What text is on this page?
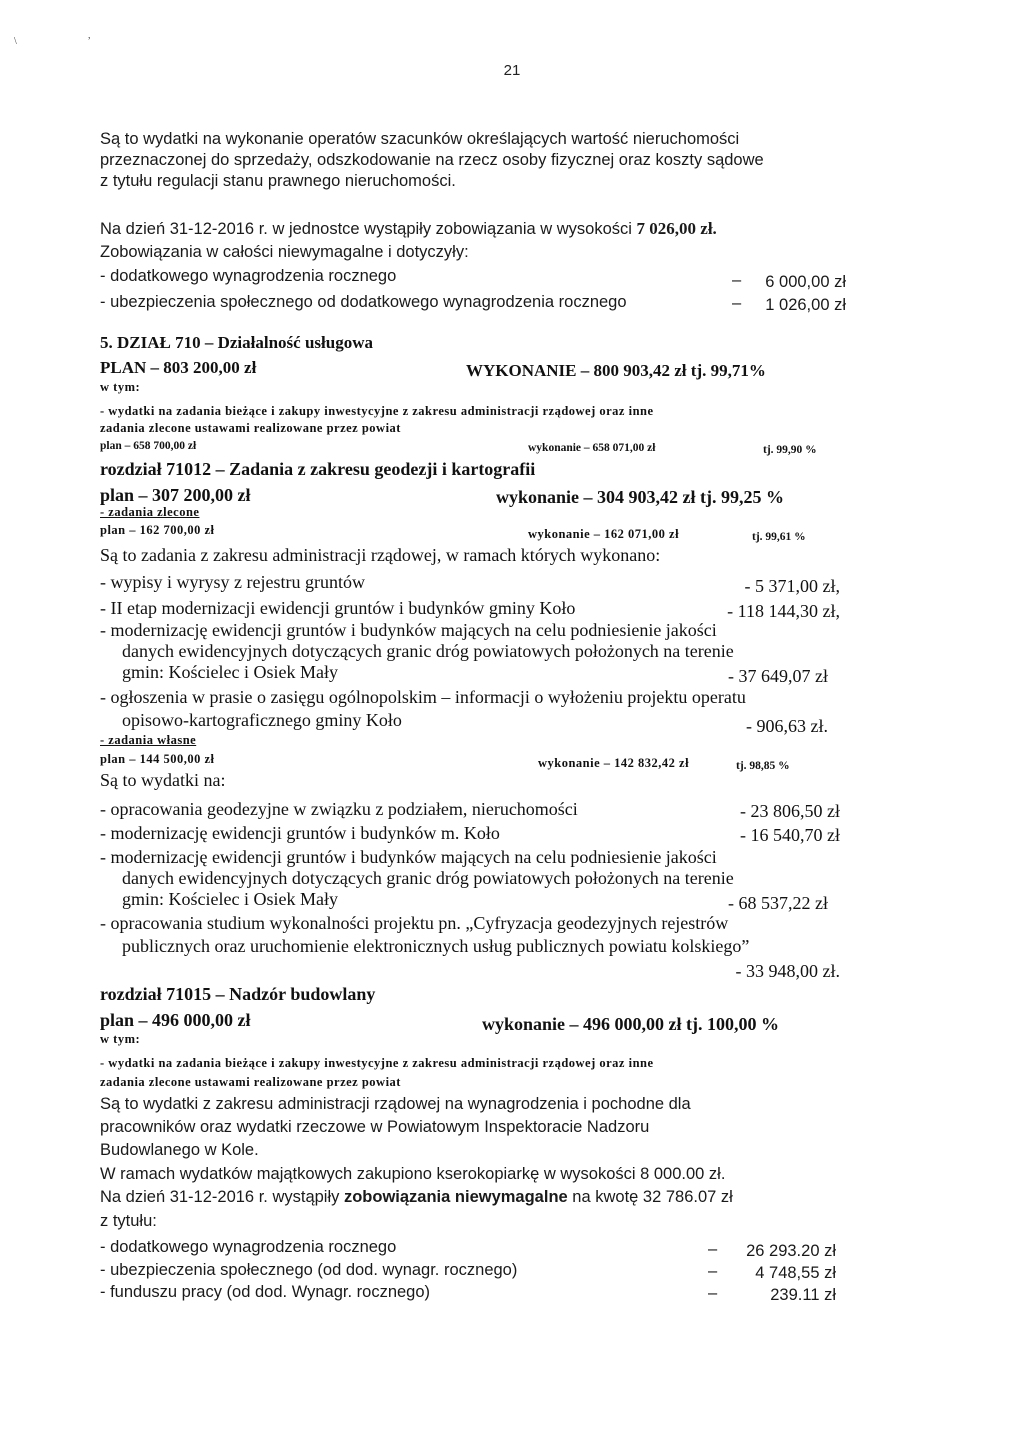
\
,
21
Są to wydatki na wykonanie operatów szacunków określających wartość nieruchomości
przeznaczonej do sprzedaży, odszkodowanie na rzecz osoby fizycznej oraz koszty sądowe
z tytułu regulacji stanu prawnego nieruchomości.
Na dzień 31-12-2016 r. w jednostce wystąpiły zobowiązania w wysokości 7 026,00 zł.
Zobowiązania w całości niewymagalne i dotyczyły:
- dodatkowego wynagrodzenia rocznego	–	6 000,00 zł
- ubezpieczenia społecznego od dodatkowego wynagrodzenia rocznego	–	1 026,00 zł
5. DZIAŁ 710 – Działalność usługowa
PLAN – 803 200,00 zł	WYKONANIE – 800 903,42 zł tj. 99,71%
w tym:
- wydatki na zadania bieżące i zakupy inwestycyjne z zakresu administracji rządowej oraz inne
zadania zlecone ustawami realizowane przez powiat
plan – 658 700,00 zł	wykonanie – 658 071,00 zł	tj. 99,90 %
rozdział 71012 – Zadania z zakresu geodezji i kartografii
plan – 307 200,00 zł	wykonanie – 304 903,42 zł tj. 99,25 %
- zadania zlecone
plan – 162 700,00 zł	wykonanie – 162 071,00 zł	tj. 99,61 %
Są to zadania z zakresu administracji rządowej, w ramach których wykonano:
- wypisy i wyrysy z rejestru gruntów	- 5 371,00 zł,
- II etap modernizacji ewidencji gruntów i budynków gminy Koło	- 118 144,30 zł,
- modernizację ewidencji gruntów i budynków mających na celu podniesienie jakości
danych ewidencyjnych dotyczących granic dróg powiatowych położonych na terenie
gmin: Kościelec i Osiek Mały	- 37 649,07 zł
- ogłoszenia w prasie o zasięgu ogólnopolskim – informacji o wyłożeniu projektu operatu
opisowo-kartograficznego gminy Koło	- 906,63 zł.
- zadania własne
plan – 144 500,00 zł	wykonanie – 142 832,42 zł	tj. 98,85 %
Są to wydatki na:
- opracowania geodezyjne w związku z podziałem, nieruchomości	- 23 806,50 zł
- modernizację ewidencji gruntów i budynków m. Koło	- 16 540,70 zł
- modernizację ewidencji gruntów i budynków mających na celu podniesienie jakości
danych ewidencyjnych dotyczących granic dróg powiatowych położonych na terenie
gmin: Kościelec i Osiek Mały	- 68 537,22 zł
- opracowania studium wykonalności projektu pn. „Cyfryzacja geodezyjnych rejestrów
publicznych oraz uruchomienie elektronicznych usług publicznych powiatu kolskiego”
- 33 948,00 zł.
rozdział 71015 – Nadzór budowlany
plan – 496 000,00 zł	wykonanie – 496 000,00 zł tj. 100,00 %
w tym:
- wydatki na zadania bieżące i zakupy inwestycyjne z zakresu administracji rządowej oraz inne
zadania zlecone ustawami realizowane przez powiat
Są to wydatki z zakresu administracji rządowej na wynagrodzenia i pochodne dla
pracowników oraz wydatki rzeczowe w Powiatowym Inspektoracie Nadzoru
Budowlanego w Kole.
W ramach wydatków majątkowych zakupiono kserokopiarkę w wysokości 8 000.00 zł.
Na dzień 31-12-2016 r. wystąpiły zobowiązania niewymagalne na kwotę 32 786.07 zł
z tytułu:
- dodatkowego wynagrodzenia rocznego	–	26 293.20 zł
- ubezpieczenia społecznego (od dod. wynagr. rocznego)	–	4 748,55 zł
- funduszu pracy (od dod. Wynagr. rocznego)	–	239.11 zł
